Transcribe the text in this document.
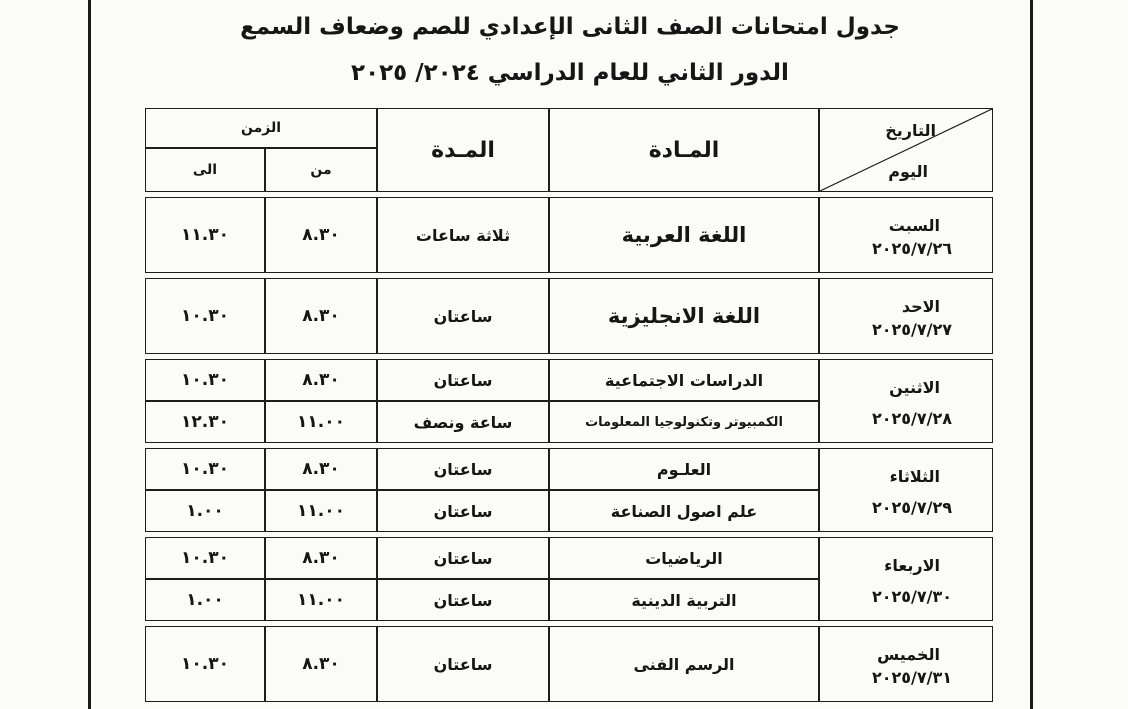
جدول امتحانات الصف الثانى الإعدادي للصم وضعاف السمع
الدور الثاني للعام الدراسي ٢٠٢٤/ ٢٠٢٥
الزمن		المـدة	المـادة	التاريخ
اليوم

الى	من			

١١.٣٠	٨.٣٠	ثلاثة ساعات	اللغة العربية	السبت
٢٠٢٥/٧/٢٦

١٠.٣٠	٨.٣٠	ساعتان	اللغة الانجليزية	الاحد
٢٠٢٥/٧/٢٧

١٠.٣٠	٨.٣٠	ساعتان	الدراسات الاجتماعية	الاثنين
٢٠٢٥/٧/٢٨

١٢.٣٠	١١.٠٠	ساعة ونصف	الكمبيوتر وتكنولوجيا المعلومات	

١٠.٣٠	٨.٣٠	ساعتان	العلـوم	الثلاثاء
٢٠٢٥/٧/٢٩

١.٠٠	١١.٠٠	ساعتان	علم اصول الصناعة	

١٠.٣٠	٨.٣٠	ساعتان	الرياضيات	الاربعاء
٢٠٢٥/٧/٣٠

١.٠٠	١١.٠٠	ساعتان	التربية الدينية	

١٠.٣٠	٨.٣٠	ساعتان	الرسم الفنى	الخميس
٢٠٢٥/٧/٣١
